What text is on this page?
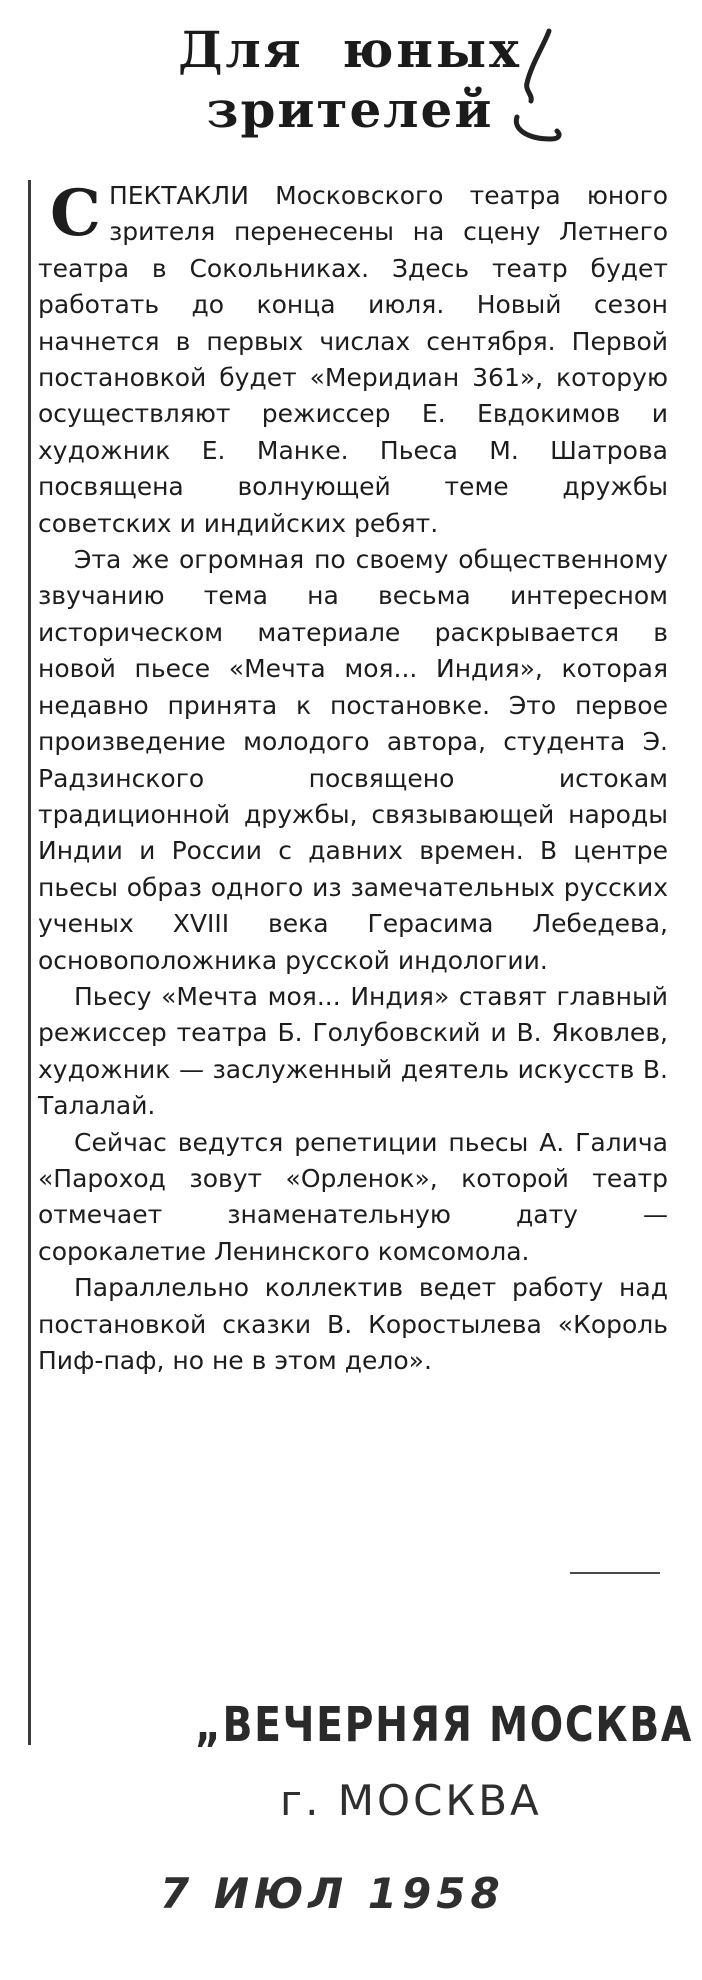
Для юных
зрителей

СПЕКТАКЛИ Московского театра юного зрителя перенесены на сцену Летнего театра в Сокольниках. Здесь театр будет работать до конца июля. Новый сезон начнется в первых числах сентября. Первой постановкой будет «Меридиан 361», которую осуществляют режиссер Е. Евдокимов и художник Е. Манке. Пьеса М. Шатрова посвящена волнующей теме дружбы советских и индийских ребят.

Эта же огромная по своему общественному звучанию тема на весьма интересном историческом материале раскрывается в новой пьесе «Мечта моя... Индия», которая недавно принята к постановке. Это первое произведение молодого автора, студента Э. Радзинского посвящено истокам традиционной дружбы, связывающей народы Индии и России с давних времен. В центре пьесы образ одного из замечательных русских ученых XVIII века Герасима Лебедева, основоположника русской индологии.

Пьесу «Мечта моя... Индия» ставят главный режиссер театра Б. Голубовский и В. Яковлев, художник — заслуженный деятель искусств В. Талалай.

Сейчас ведутся репетиции пьесы А. Галича «Пароход зовут «Орленок», которой театр отмечает знаменательную дату — сорокалетие Ленинского комсомола.

Параллельно коллектив ведет работу над постановкой сказки В. Коростылева «Король Пиф-паф, но не в этом дело».

„ВЕЧЕРНЯЯ МОСКВА
г. МОСКВА
7 ИЮЛ 1958
